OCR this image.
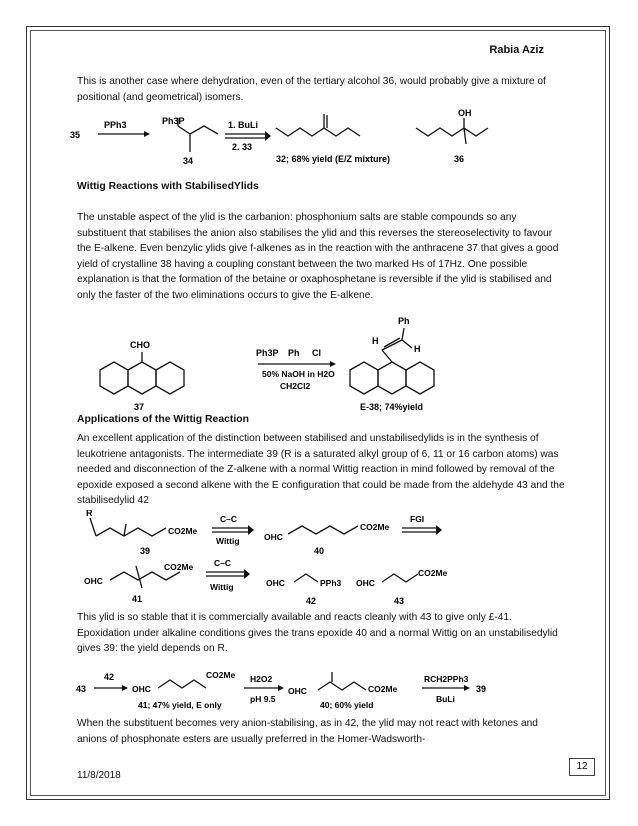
Rabia Aziz

This is another case where dehydration, even of the tertiary alcohol 36, would probably give a mixture of positional (and geometrical) isomers.

35
PPh3	Ph3P
34
1. BuLi
2. 33
32; 68% yield (E/Z mixture)
OH
36
Wittig Reactions with StabilisedYlids

The unstable aspect of the ylid is the carbanion: phosphonium salts are stable compounds so any substituent that stabilises the anion also stabilises the ylid and this reverses the stereoselectivity to favour the E-alkene. Even benzylic ylids give f-alkenes as in the reaction with the anthracene 37 that gives a good yield of crystalline 38 having a coupling constant between the two marked Hs of 17Hz. One possible explanation is that the formation of the betaine or oxaphosphetane is reversible if the ylid is stabilised and only the faster of the two eliminations occurs to give the E-alkene.

CHO
37
Ph3P Ph Cl
50% NaOH in H2O
CH2Cl2
Ph
H
H
E-38; 74%yield
Applications of the Wittig Reaction

An excellent application of the distinction between stabilised and unstabilisedylids is in the synthesis of leukotriene antagonists. The intermediate 39 (R is a saturated alkyl group of 6, 11 or 16 carbon atoms) was needed and disconnection of the Z-alkene with a normal Wittig reaction in mind followed by removal of the epoxide exposed a second alkene with the E configuration that could be made from the aldehyde 43 and the stabilisedylid 42

R
CO2Me
39
C–C
Wittig	OHC
CO2Me
40
FGI
OHC
CO2Me
41
C–C
Wittig	OHC	PPh3
42
OHC
CO2Me
43

This ylid is so stable that it is commercially available and reacts cleanly with 43 to give only £-41. Epoxidation under alkaline conditions gives the trans epoxide 40 and a normal Wittig on an unstabilisedylid gives 39: the yield depends on R.

43
42
OHC
CO2Me
41; 47% yield, E only
H2O2
pH 9.5
OHC	CO2Me
40; 60% yield
RCH2PPh3
BuLi
39

When the substituent becomes very anion-stabilising, as in 42, the ylid may not react with ketones and anions of phosphonate esters are usually preferred in the Homer-Wadsworth-

12
11/8/2018
